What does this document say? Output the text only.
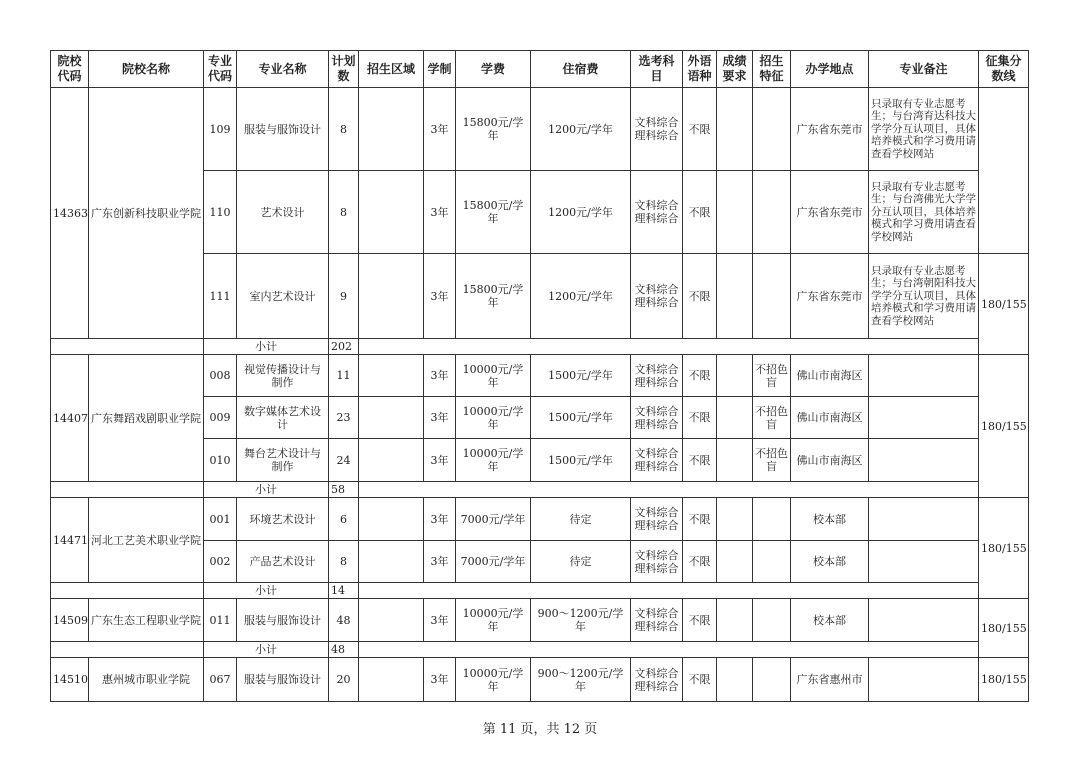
院校代码	院校名称	专业代码	专业名称	计划数	招生区域	学制	学费	住宿费	选考科目	外语语种	成绩要求	招生特征	办学地点	专业备注	征集分数线
14363	广东创新科技职业学院	109	服装与服饰设计	8		3年	15800元/学年	1200元/学年	文科综合理科综合	不限			广东省东莞市	只录取有专业志愿考生；与台湾育达科技大学学分互认项目，具体培养模式和学习费用请查看学校网站	
		110	艺术设计	8		3年	15800元/学年	1200元/学年	文科综合理科综合	不限			广东省东莞市	只录取有专业志愿考生；与台湾佛光大学学分互认项目，具体培养模式和学习费用请查看学校网站	
		111	室内艺术设计	9		3年	15800元/学年	1200元/学年	文科综合理科综合	不限			广东省东莞市	只录取有专业志愿考生；与台湾朝阳科技大学学分互认项目，具体培养模式和学习费用请查看学校网站	180/155
		小计		202											
14407	广东舞蹈戏剧职业学院	008	视觉传播设计与制作	11		3年	10000元/学年	1500元/学年	文科综合理科综合	不限		不招色盲	佛山市南海区		180/155
		009	数字媒体艺术设计	23		3年	10000元/学年	1500元/学年	文科综合理科综合	不限		不招色盲	佛山市南海区		
		010	舞台艺术设计与制作	24		3年	10000元/学年	1500元/学年	文科综合理科综合	不限		不招色盲	佛山市南海区		
		小计		58											
14471	河北工艺美术职业学院	001	环境艺术设计	6		3年	7000元/学年	待定	文科综合理科综合	不限			校本部		180/155
		002	产品艺术设计	8		3年	7000元/学年	待定	文科综合理科综合	不限			校本部		
		小计		14											
14509	广东生态工程职业学院	011	服装与服饰设计	48		3年	10000元/学年	900～1200元/学年	文科综合理科综合	不限			校本部		180/155
		小计		48											
14510	惠州城市职业学院	067	服装与服饰设计	20		3年	10000元/学年	900～1200元/学年	文科综合理科综合	不限			广东省惠州市		180/155
第 11 页，共 12 页
